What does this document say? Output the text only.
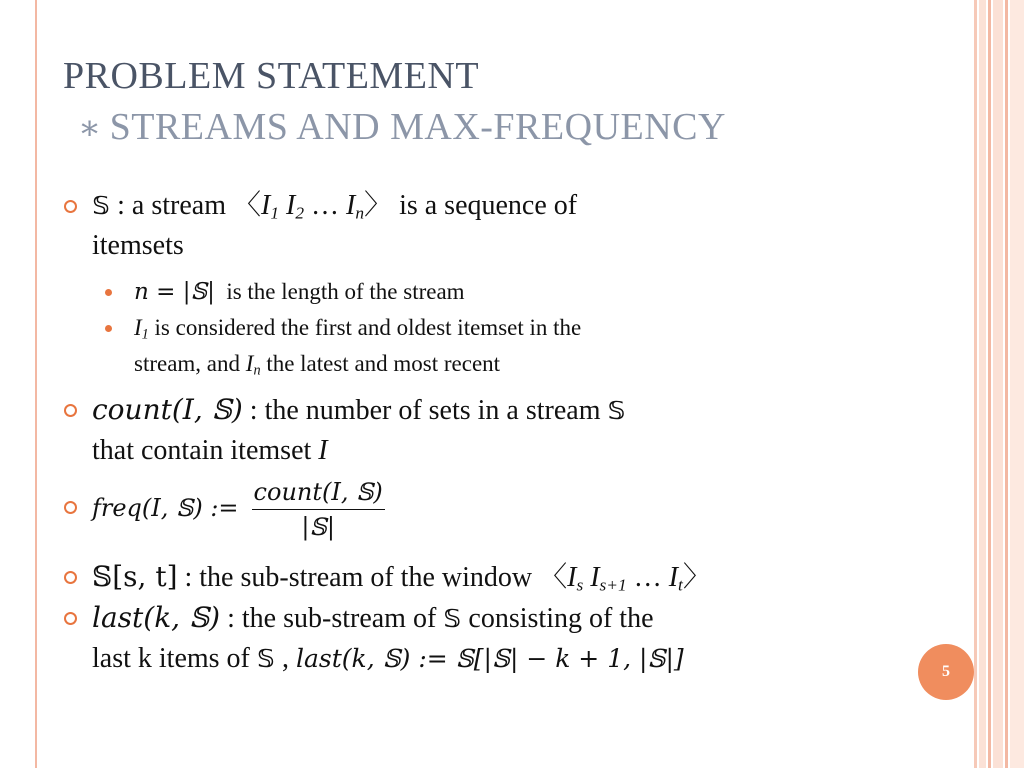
PROBLEM STATEMENT
∗ STREAMS AND MAX-FREQUENCY
𝕊 : a stream 〈$I_1$ $I_2$ … $I_n$〉 is a sequence of
itemsets
n = |𝕊| is the length of the stream
$I_1$ is considered the first and oldest itemset in the
stream, and $I_n$ the latest and most recent
count(I, 𝕊) : the number of sets in a stream 𝕊
that contain itemset I
freq(I, 𝕊) := $\frac{\text{count(I, 𝕊)}}{\text{|𝕊|}}$
𝕊[s, t] : the sub-stream of the window 〈$I_s$ $I_{s+1}$ … $I_t$〉
last(k, 𝕊) : the sub-stream of 𝕊 consisting of the
last k items of 𝕊 , last(k, 𝕊) := 𝕊[|𝕊| − k + 1, |𝕊|]	5
